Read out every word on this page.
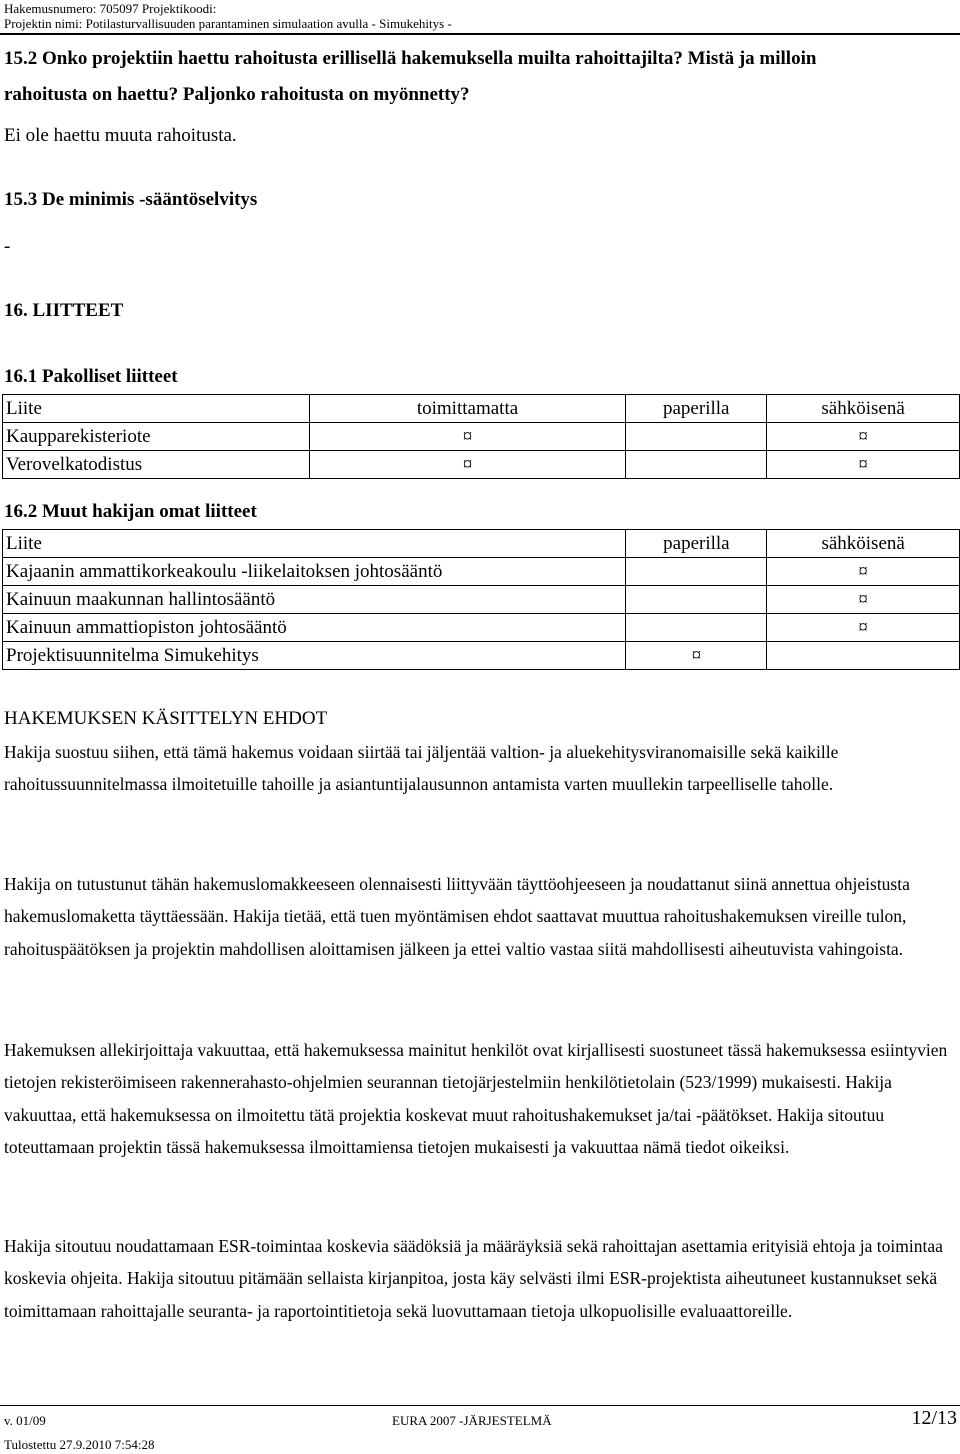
Hakemusnumero: 705097 Projektikoodi:
Projektin nimi: Potilasturvallisuuden parantaminen simulaation avulla - Simukehitys -
15.2 Onko projektiin haettu rahoitusta erillisellä hakemuksella muilta rahoittajilta? Mistä ja milloin
rahoitusta on haettu? Paljonko rahoitusta on myönnetty?
Ei ole haettu muuta rahoitusta.
15.3 De minimis -sääntöselvitys
-
16. LIITTEET
16.1 Pakolliset liitteet
Liite	toimittamatta	paperilla	sähköisenä
Kaupparekisteriote	¤		¤
Verovelkatodistus	¤		¤
16.2 Muut hakijan omat liitteet
Liite	paperilla	sähköisenä
Kajaanin ammattikorkeakoulu -liikelaitoksen johtosääntö		¤
Kainuun maakunnan hallintosääntö		¤
Kainuun ammattiopiston johtosääntö		¤
Projektisuunnitelma Simukehitys	¤	
HAKEMUKSEN KÄSITTELYN EHDOT
Hakija suostuu siihen, että tämä hakemus voidaan siirtää tai jäljentää valtion- ja aluekehitysviranomaisille sekä kaikille rahoitussuunnitelmassa ilmoitetuille tahoille ja asiantuntijalausunnon antamista varten muullekin tarpeelliselle taholle.
Hakija on tutustunut tähän hakemuslomakkeeseen olennaisesti liittyvään täyttöohjeeseen ja noudattanut siinä annettua ohjeistusta hakemuslomaketta täyttäessään. Hakija tietää, että tuen myöntämisen ehdot saattavat muuttua rahoitushakemuksen vireille tulon, rahoituspäätöksen ja projektin mahdollisen aloittamisen jälkeen ja ettei valtio vastaa siitä mahdollisesti aiheutuvista vahingoista.
Hakemuksen allekirjoittaja vakuuttaa, että hakemuksessa mainitut henkilöt ovat kirjallisesti suostuneet tässä hakemuksessa esiintyvien tietojen rekisteröimiseen rakennerahasto-ohjelmien seurannan tietojärjestelmiin henkilötietolain (523/1999) mukaisesti. Hakija vakuuttaa, että hakemuksessa on ilmoitettu tätä projektia koskevat muut rahoitushakemukset ja/tai -päätökset. Hakija sitoutuu toteuttamaan projektin tässä hakemuksessa ilmoittamiensa tietojen mukaisesti ja vakuuttaa nämä tiedot oikeiksi.
Hakija sitoutuu noudattamaan ESR-toimintaa koskevia säädöksiä ja määräyksiä sekä rahoittajan asettamia erityisiä ehtoja ja toimintaa koskevia ohjeita. Hakija sitoutuu pitämään sellaista kirjanpitoa, josta käy selvästi ilmi ESR-projektista aiheutuneet kustannukset sekä toimittamaan rahoittajalle seuranta- ja raportointitietoja sekä luovuttamaan tietoja ulkopuolisille evaluaattoreille.
v. 01/09	EURA 2007 -JÄRJESTELMÄ	12/13
Tulostettu 27.9.2010 7:54:28
